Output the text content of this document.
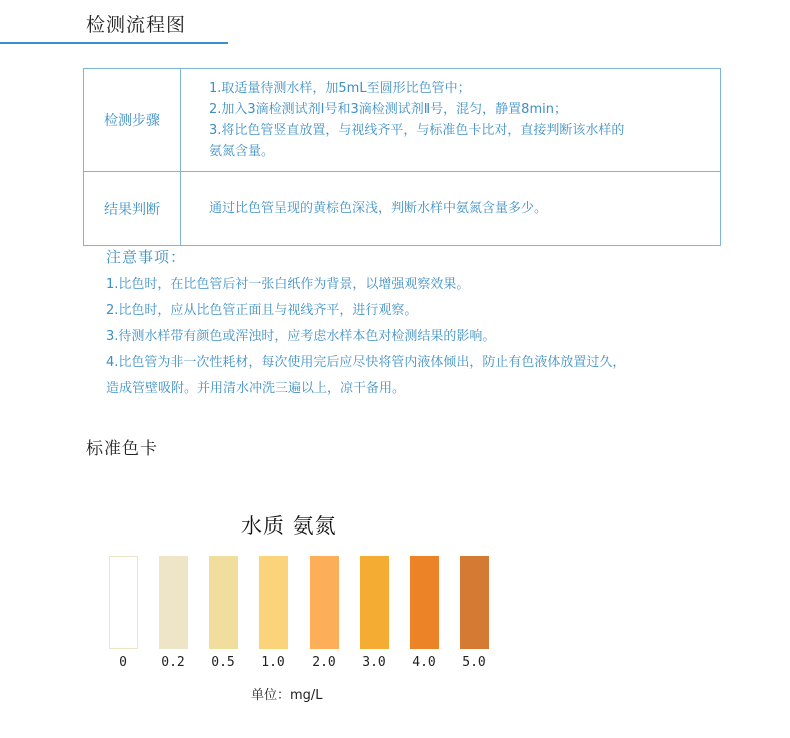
检测流程图
检测步骤	1.取适量待测水样，加5mL至圆形比色管中；
2.加入3滴检测试剂Ⅰ号和3滴检测试剂Ⅱ号，混匀，静置8min；
3.将比色管竖直放置，与视线齐平，与标准色卡比对，直接判断该水样的
氨氮含量。

结果判断	通过比色管呈现的黄棕色深浅，判断水样中氨氮含量多少。
注意事项：

1.比色时，在比色管后衬一张白纸作为背景，以增强观察效果。

2.比色时，应从比色管正面且与视线齐平，进行观察。

3.待测水样带有颜色或浑浊时，应考虑水样本色对检测结果的影响。

4.比色管为非一次性耗材，每次使用完后应尽快将管内液体倾出，防止有色液体放置过久，

造成管壁吸附。并用清水冲洗三遍以上，凉干备用。

标准色卡
水质 氨氮
0	0.2	0.5	1.0	2.0	3.0	4.0	5.0
单位：mg/L
